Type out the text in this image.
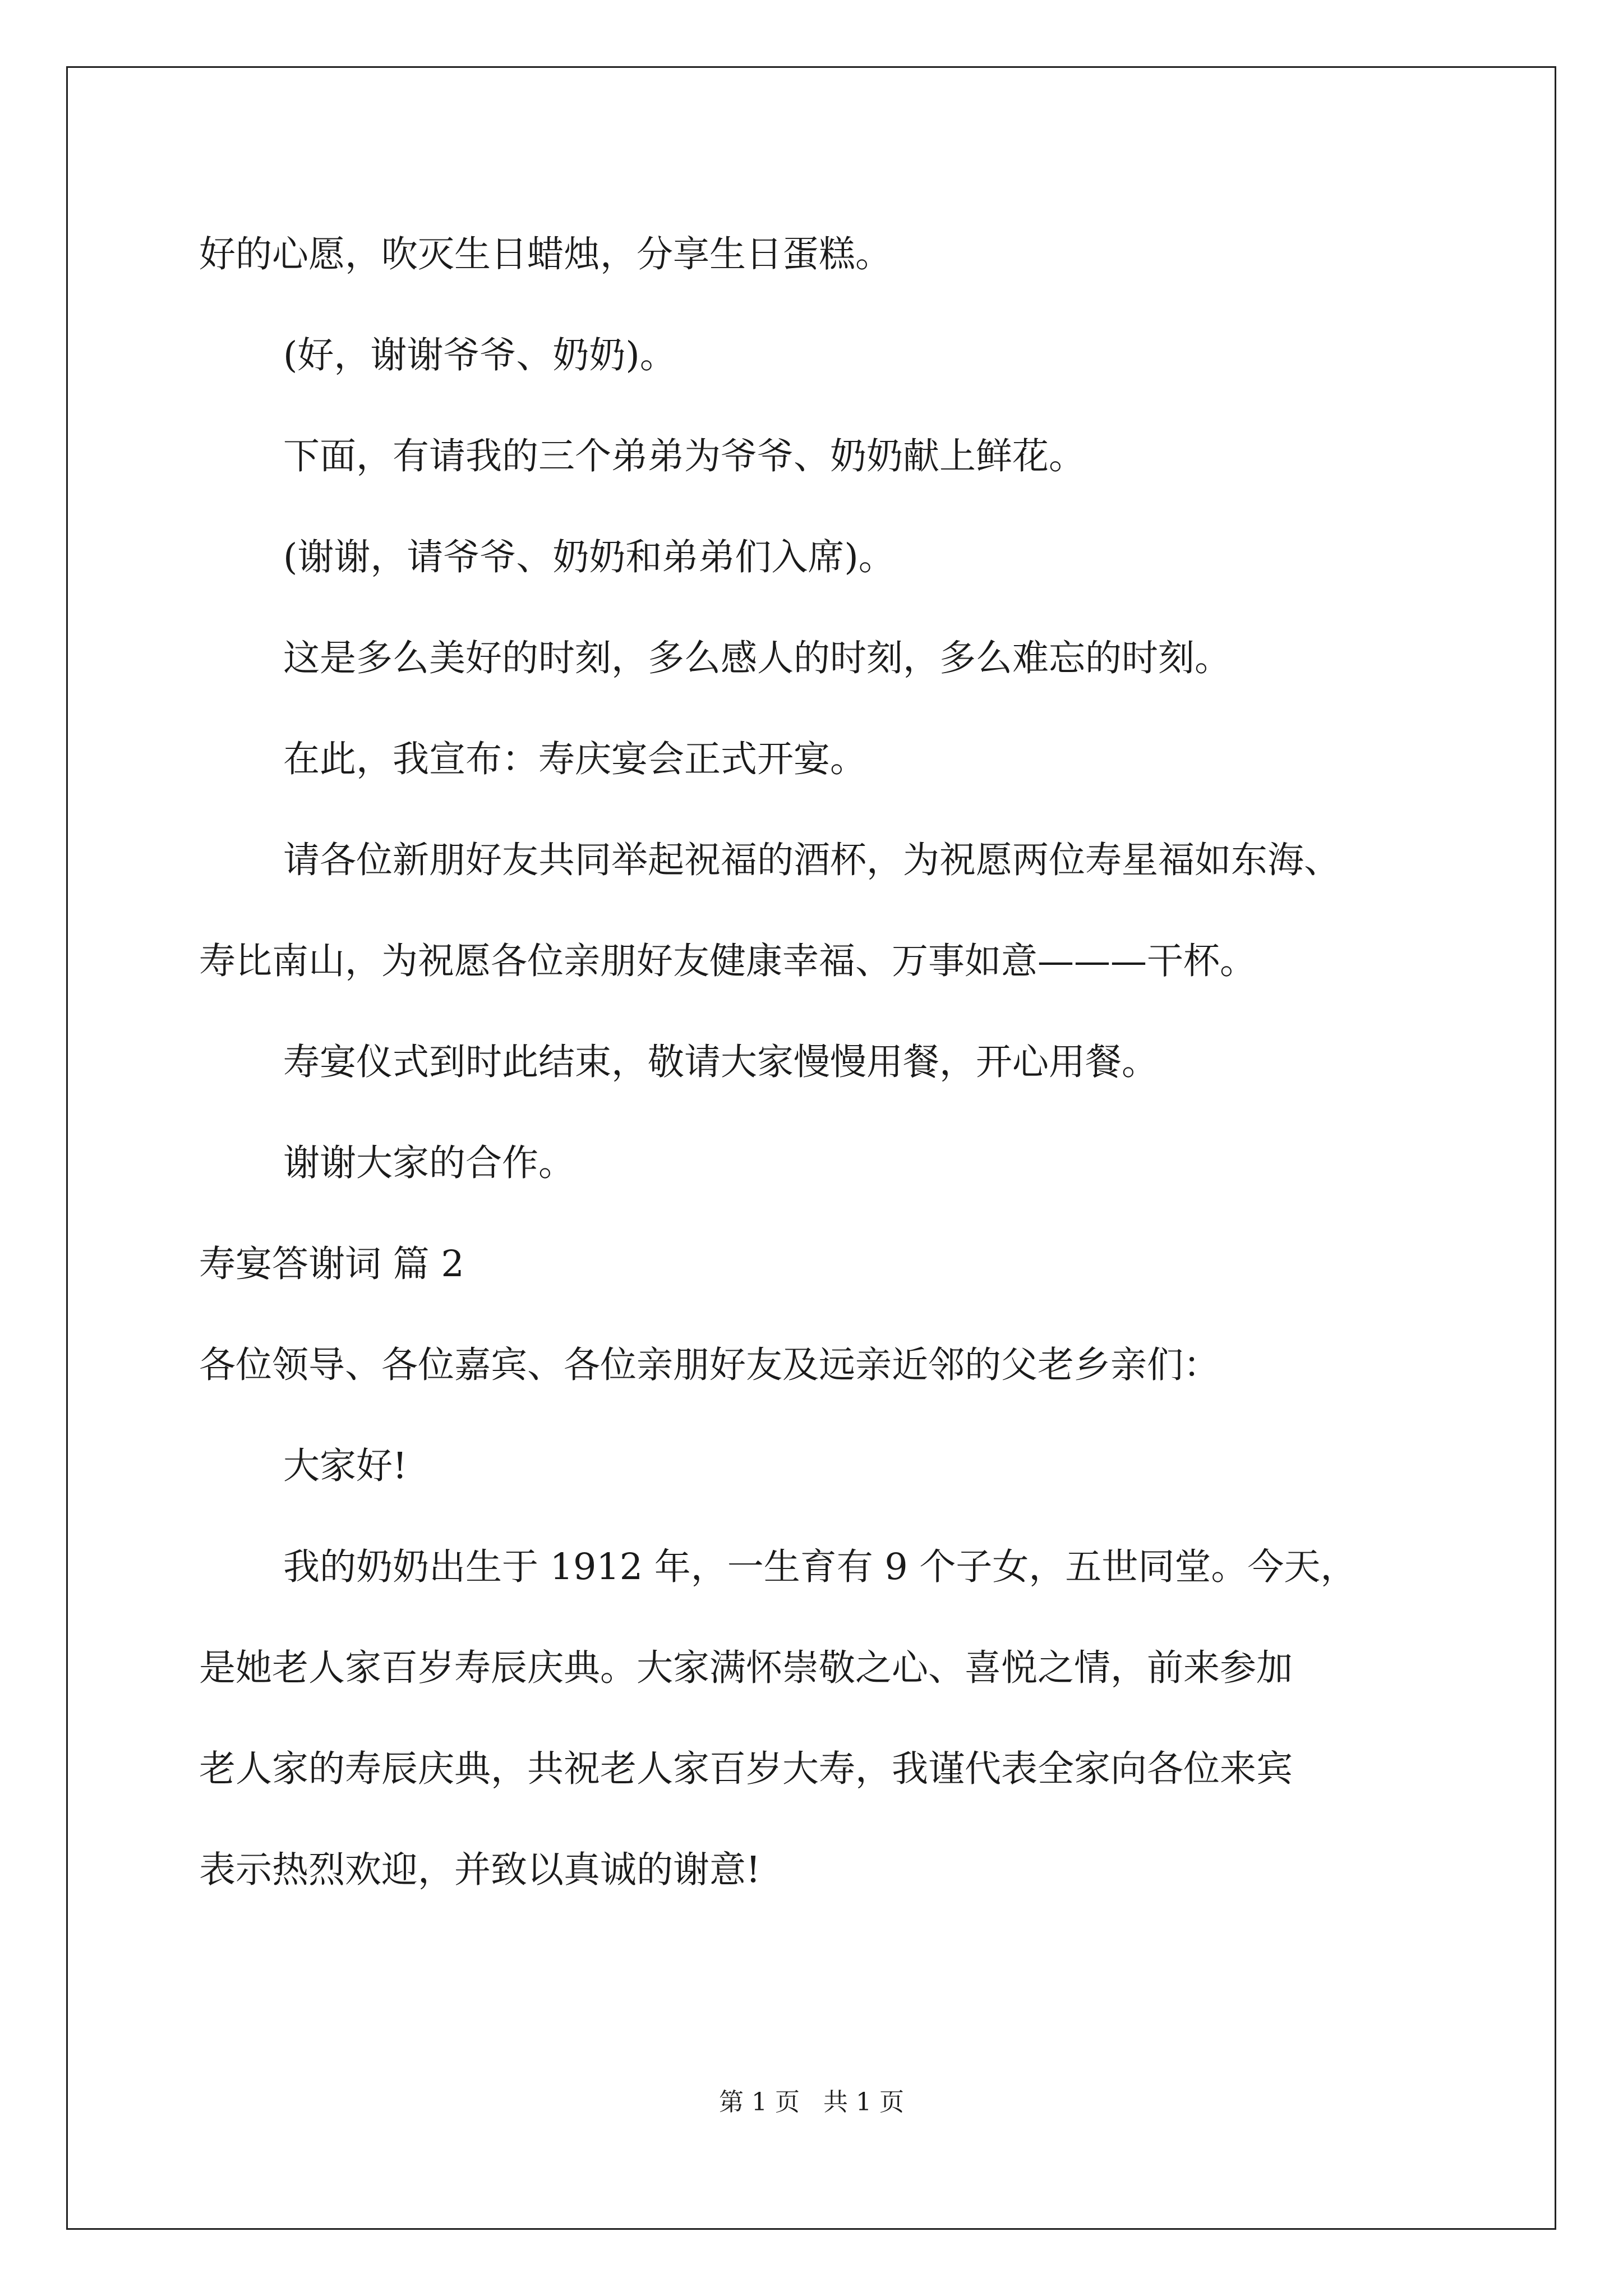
好的心愿，吹灭生日蜡烛，分享生日蛋糕。
(好，谢谢爷爷、奶奶)。
下面，有请我的三个弟弟为爷爷、奶奶献上鲜花。
(谢谢，请爷爷、奶奶和弟弟们入席)。
这是多么美好的时刻，多么感人的时刻，多么难忘的时刻。
在此，我宣布：寿庆宴会正式开宴。
请各位新朋好友共同举起祝福的酒杯，为祝愿两位寿星福如东海、
寿比南山，为祝愿各位亲朋好友健康幸福、万事如意———干杯。
寿宴仪式到时此结束，敬请大家慢慢用餐，开心用餐。
谢谢大家的合作。
寿宴答谢词 篇 2
各位领导、各位嘉宾、各位亲朋好友及远亲近邻的父老乡亲们：
大家好!
我的奶奶出生于 1912 年，一生育有 9 个子女，五世同堂。今天，
是她老人家百岁寿辰庆典。大家满怀崇敬之心、喜悦之情，前来参加
老人家的寿辰庆典，共祝老人家百岁大寿，我谨代表全家向各位来宾
表示热烈欢迎，并致以真诚的谢意!
第 1 页   共 1 页
